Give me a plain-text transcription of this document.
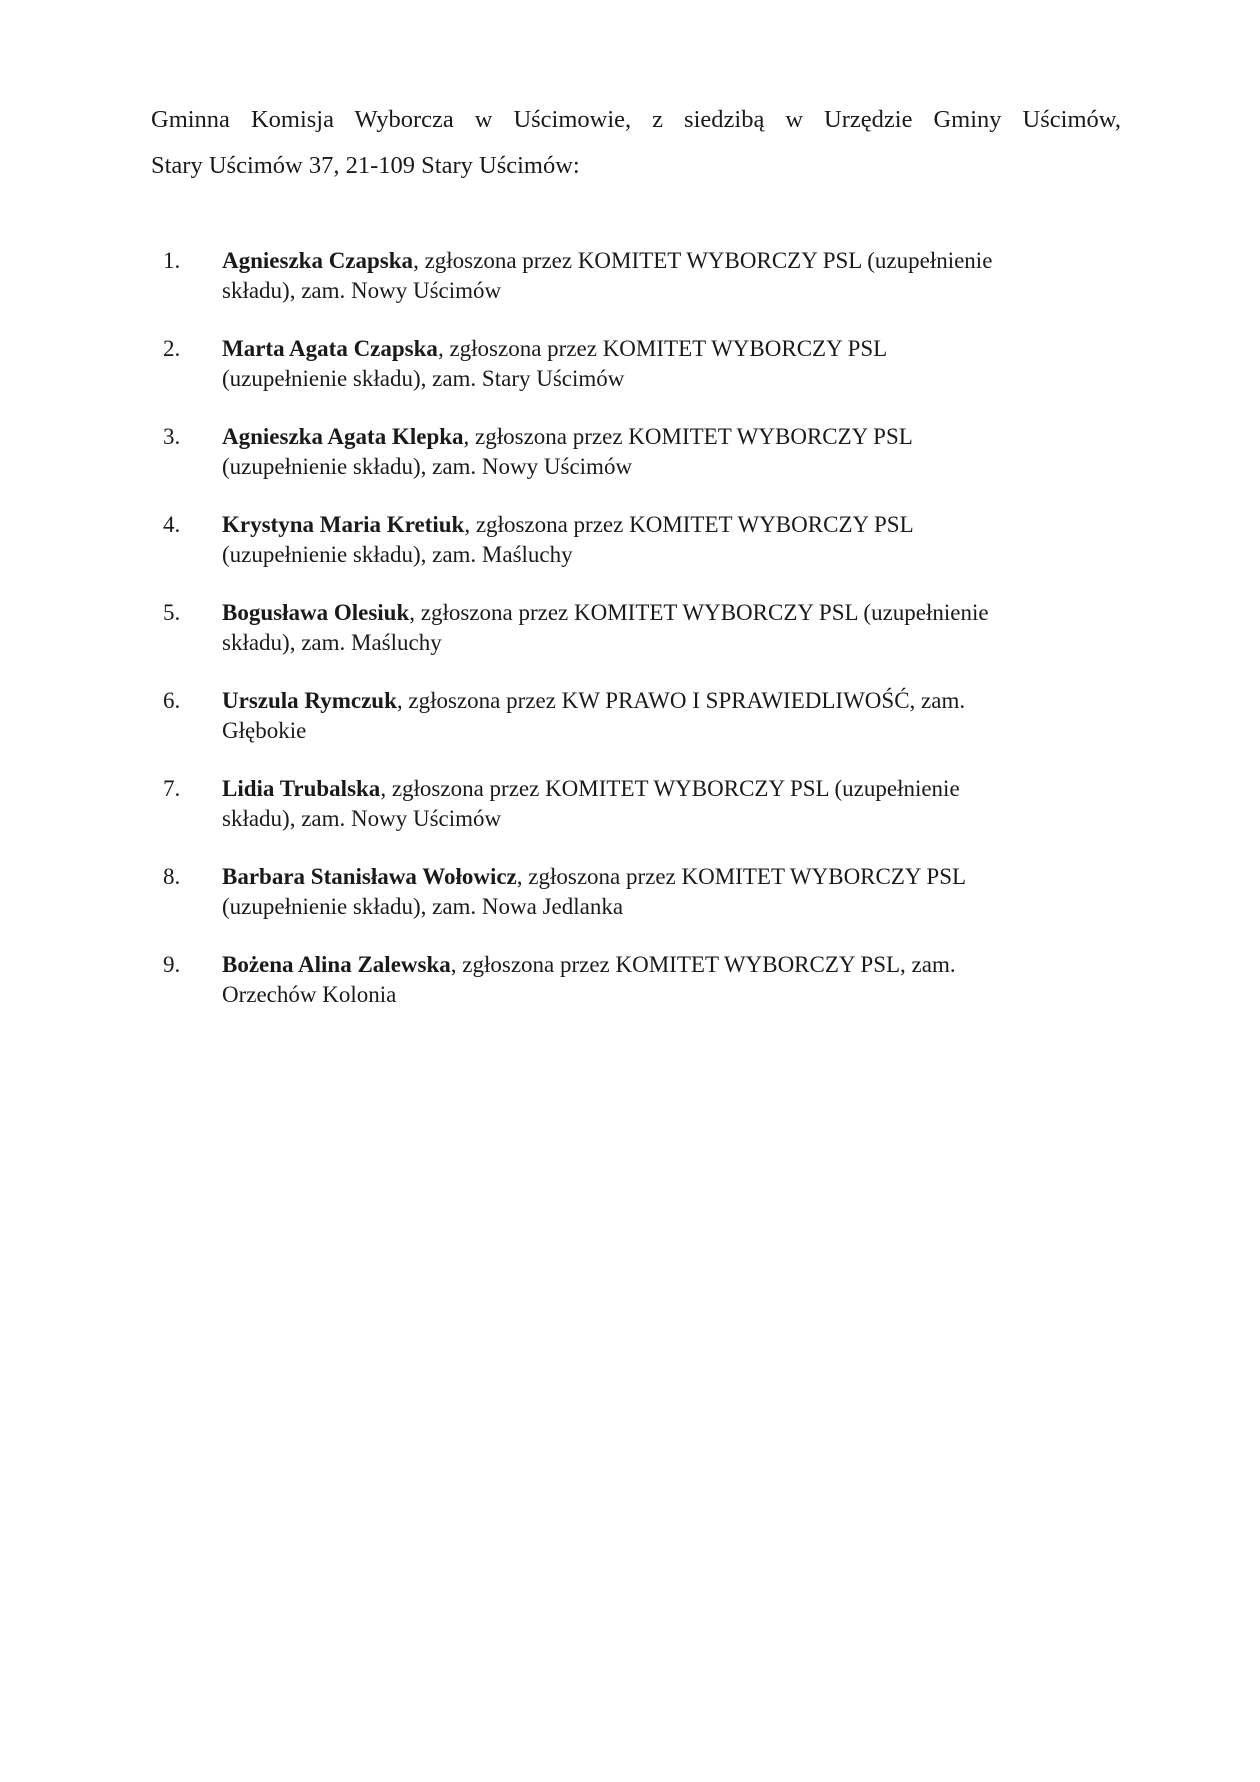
Gminna Komisja Wyborcza w Uścimowie, z siedzibą w Urzędzie Gminy Uścimów,
Stary Uścimów 37, 21-109 Stary Uścimów:
1.	Agnieszka Czapska, zgłoszona przez KOMITET WYBORCZY PSL (uzupełnienie
składu), zam. Nowy Uścimów
2.	Marta Agata Czapska, zgłoszona przez KOMITET WYBORCZY PSL
(uzupełnienie składu), zam. Stary Uścimów
3.	Agnieszka Agata Klepka, zgłoszona przez KOMITET WYBORCZY PSL
(uzupełnienie składu), zam. Nowy Uścimów
4.	Krystyna Maria Kretiuk, zgłoszona przez KOMITET WYBORCZY PSL
(uzupełnienie składu), zam. Maśluchy
5.	Bogusława Olesiuk, zgłoszona przez KOMITET WYBORCZY PSL (uzupełnienie
składu), zam. Maśluchy
6.	Urszula Rymczuk, zgłoszona przez KW PRAWO I SPRAWIEDLIWOŚĆ, zam.
Głębokie
7.	Lidia Trubalska, zgłoszona przez KOMITET WYBORCZY PSL (uzupełnienie
składu), zam. Nowy Uścimów
8.	Barbara Stanisława Wołowicz, zgłoszona przez KOMITET WYBORCZY PSL
(uzupełnienie składu), zam. Nowa Jedlanka
9.	Bożena Alina Zalewska, zgłoszona przez KOMITET WYBORCZY PSL, zam.
Orzechów Kolonia
